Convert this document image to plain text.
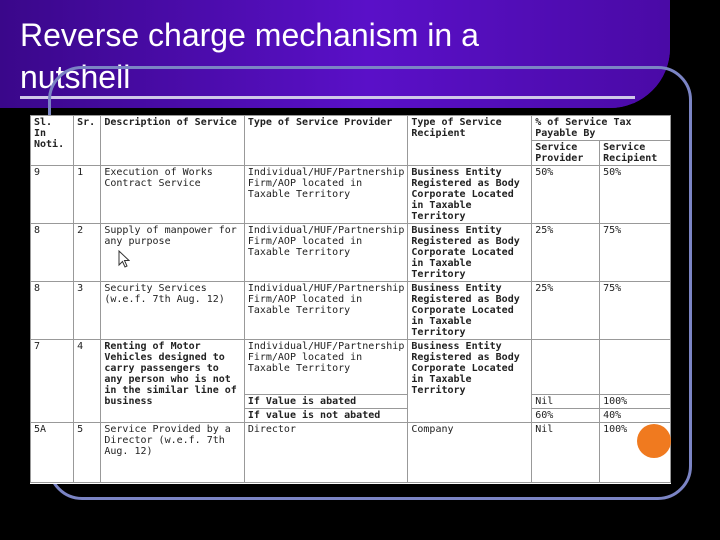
Reverse charge mechanism in a
nutshell
Sl. In Noti.	Sr.	Description of Service	Type of Service Provider	Type of Service Recipient	% of Service Tax Payable By	
					Service Provider	Service Recipient
9	1	Execution of Works Contract Service	Individual/HUF/Partnership Firm/AOP located in Taxable Territory	Business Entity Registered as Body Corporate Located in Taxable Territory	50%	50%
8	2	Supply of manpower for any purpose	Individual/HUF/Partnership Firm/AOP located in Taxable Territory	Business Entity Registered as Body Corporate Located in Taxable Territory	25%	75%
8	3	Security Services (w.e.f. 7th Aug. 12)	Individual/HUF/Partnership Firm/AOP located in Taxable Territory	Business Entity Registered as Body Corporate Located in Taxable Territory	25%	75%
7	4	Renting of Motor Vehicles designed to carry passengers to any person who is not in the similar line of business	Individual/HUF/Partnership Firm/AOP located in Taxable Territory	Business Entity Registered as Body Corporate Located in Taxable Territory		
			If Value is abated		Nil	100%
			If value is not abated		60%	40%
5A	5	Service Provided by a Director (w.e.f. 7th Aug. 12)	Director	Company	Nil	100%
